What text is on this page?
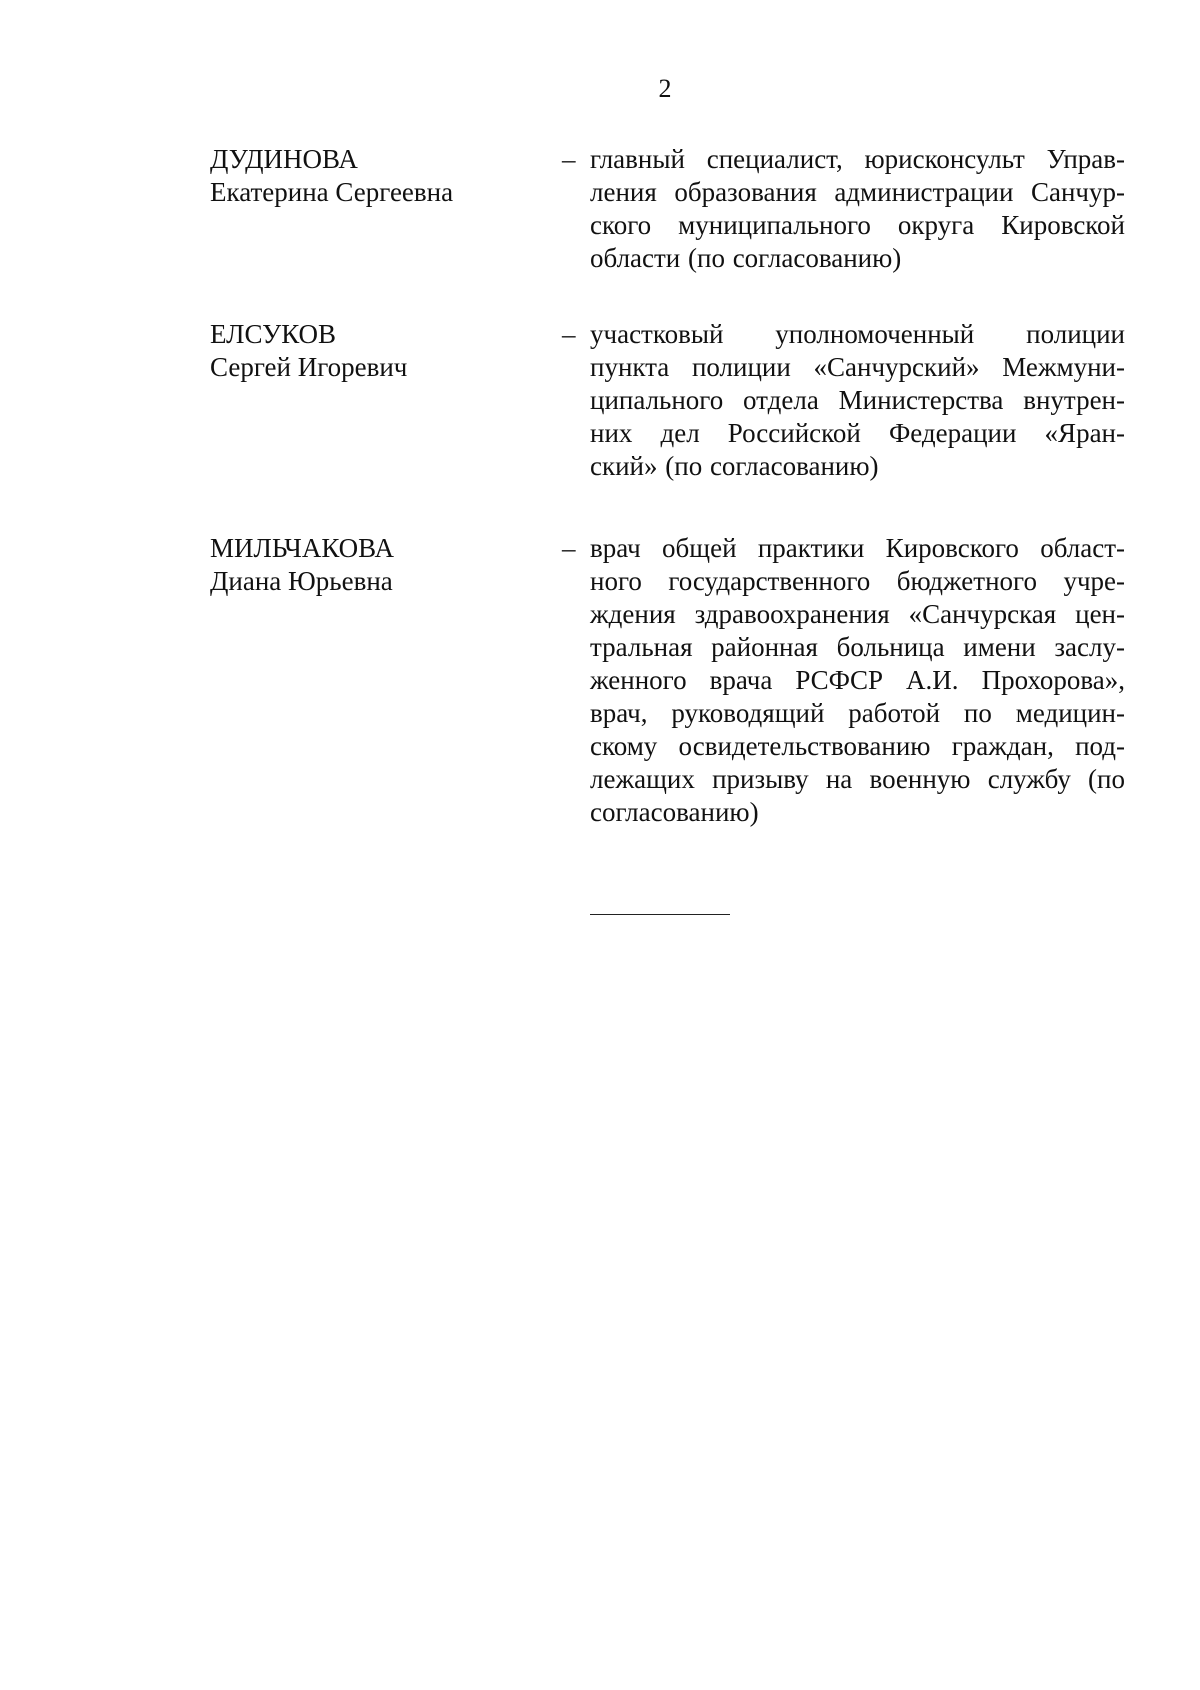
2
ДУДИНОВА
Екатерина Сергеевна
– главный специалист, юрисконсульт Управ-
ления образования администрации Санчур-
ского муниципального округа Кировской
области (по согласованию)
ЕЛСУКОВ
Сергей Игоревич
– участковый уполномоченный полиции
пункта полиции «Санчурский» Межмуни-
ципального отдела Министерства внутрен-
них дел Российской Федерации «Яран-
ский» (по согласованию)
МИЛЬЧАКОВА
Диана Юрьевна
– врач общей практики Кировского област-
ного государственного бюджетного учре-
ждения здравоохранения «Санчурская цен-
тральная районная больница имени заслу-
женного врача РСФСР А.И. Прохорова»,
врач, руководящий работой по медицин-
скому освидетельствованию граждан, под-
лежащих призыву на военную службу (по
согласованию)
